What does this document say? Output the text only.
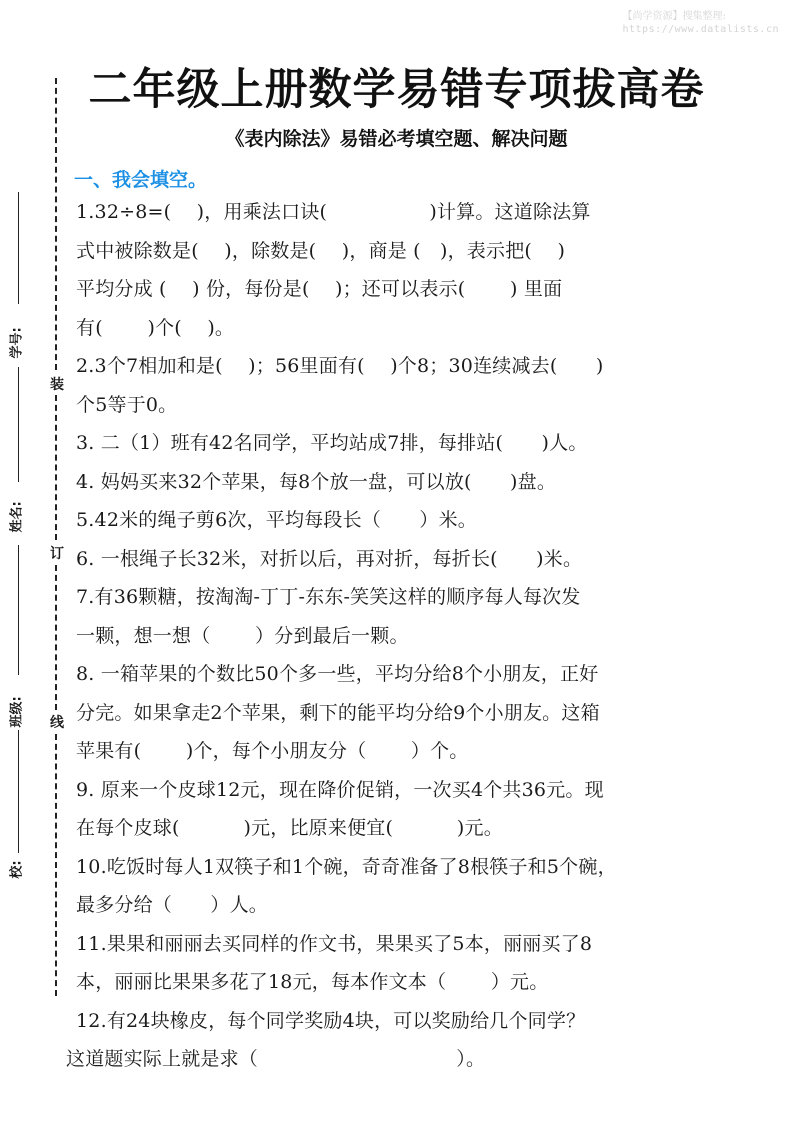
【尚学资源】搜集整理:
https://www.datalists.cn
装
订
线
学号:
姓名:
班级:
校:
二年级上册数学易错专项拔高卷
《表内除法》易错必考填空题、解决问题
一、我会填空。
1.32÷8=(　 )，用乘法口诀(　　　　　 )计算。这道除法算
式中被除数是(　 )，除数是(　 )，商是 (　)，表示把(　 )
平均分成 (　 ) 份，每份是(　 )；还可以表示(　　 ) 里面
有(　　 )个(　 )。
2.3个7相加和是(　 )；56里面有(　 )个8；30连续减去(　　)
个5等于0。
3. 二（1）班有42名同学，平均站成7排，每排站(　　)人。
4. 妈妈买来32个苹果，每8个放一盘，可以放(　　)盘。
5.42米的绳子剪6次，平均每段长（　　）米。
6. 一根绳子长32米，对折以后，再对折，每折长(　　)米。
7.有36颗糖，按淘淘-丁丁-东东-笑笑这样的顺序每人每次发
一颗，想一想（　　 ）分到最后一颗。
8. 一箱苹果的个数比50个多一些，平均分给8个小朋友，正好
分完。如果拿走2个苹果，剩下的能平均分给9个小朋友。这箱
苹果有(　　 )个，每个小朋友分（　　 ）个。
9. 原来一个皮球12元，现在降价促销，一次买4个共36元。现
在每个皮球(　　　 )元，比原来便宜(　　　 )元。
10.吃饭时每人1双筷子和1个碗，奇奇准备了8根筷子和5个碗，
最多分给（　　）人。
11.果果和丽丽去买同样的作文书，果果买了5本，丽丽买了8
本，丽丽比果果多花了18元，每本作文本（　　 ）元。
12.有24块橡皮，每个同学奖励4块，可以奖励给几个同学？
这道题实际上就是求（　　　　　　　　　　 ）。
